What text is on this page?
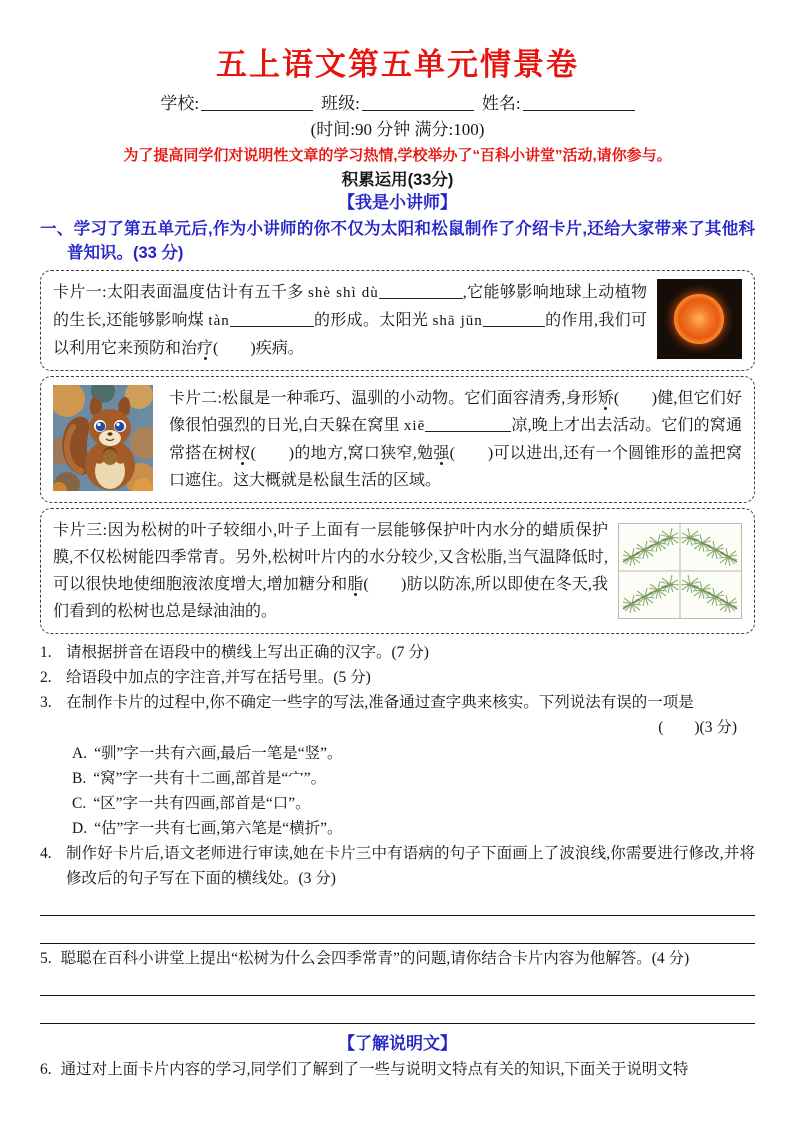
五上语文第五单元情景卷
学校:	班级:	姓名:
(时间:90 分钟 满分:100)
为了提高同学们对说明性文章的学习热情,学校举办了“百科小讲堂”活动,请你参与。
积累运用(33分)
【我是小讲师】
一、学习了第五单元后,作为小讲师的你不仅为太阳和松鼠制作了介绍卡片,还给大家带来了其他科普知识。(33 分)
卡片一:太阳表面温度估计有五千多 shè shì dù	,它能够影响地球上动植物的生长,还能够影响煤 tàn	的形成。太阳光 shā jūn	的作用,我们可以利用它来预防和治疗(　　)疾病。
卡片二:松鼠是一种乖巧、温驯的小动物。它们面容清秀,身形矫(　　)健,但它们好像很怕强烈的日光,白天躲在窝里 xiē	凉,晚上才出去活动。它们的窝通常搭在树杈(　　)的地方,窝口狭窄,勉强(　　)可以进出,还有一个圆锥形的盖把窝口遮住。这大概就是松鼠生活的区域。
卡片三:因为松树的叶子较细小,叶子上面有一层能够保护叶内水分的蜡质保护膜,不仅松树能四季常青。另外,松树叶片内的水分较少,又含松脂,当气温降低时,可以很快地使细胞液浓度增大,增加糖分和脂(　　)肪以防冻,所以即使在冬天,我们看到的松树也总是绿油油的。
1. 请根据拼音在语段中的横线上写出正确的汉字。(7 分)
2. 给语段中加点的字注音,并写在括号里。(5 分)
3. 在制作卡片的过程中,你不确定一些字的写法,准备通过查字典来核实。下列说法有误的一项是
(　　)(3 分)
A. “驯”字一共有六画,最后一笔是“竖”。
B. “窝”字一共有十二画,部首是“宀”。
C. “区”字一共有四画,部首是“口”。
D. “估”字一共有七画,第六笔是“横折”。
4. 制作好卡片后,语文老师进行审读,她在卡片三中有语病的句子下面画上了波浪线,你需要进行修改,并将修改后的句子写在下面的横线处。(3 分)

5. 聪聪在百科小讲堂上提出“松树为什么会四季常青”的问题,请你结合卡片内容为他解答。(4 分)

【了解说明文】

6. 通过对上面卡片内容的学习,同学们了解到了一些与说明文特点有关的知识,下面关于说明文特
